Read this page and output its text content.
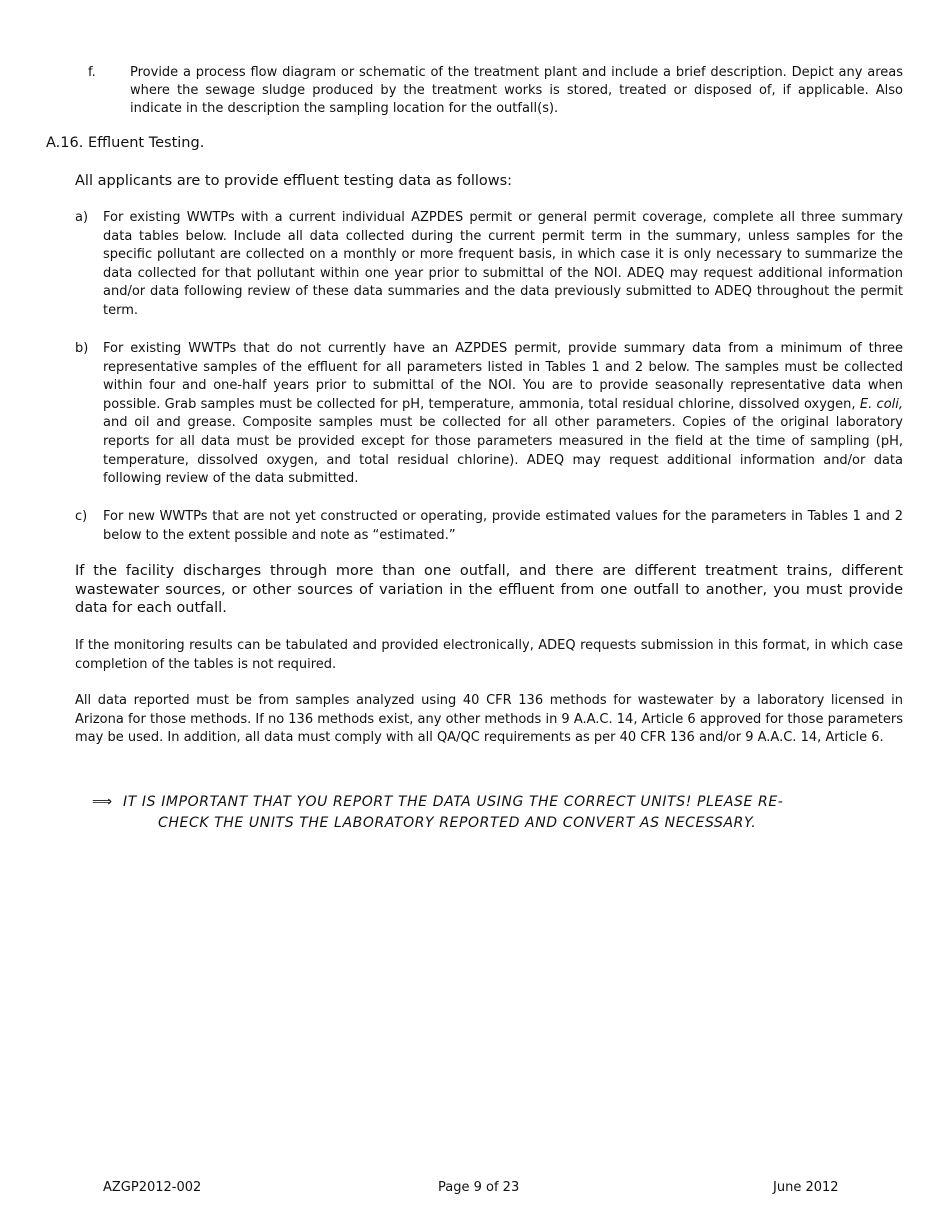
f.	Provide a process flow diagram or schematic of the treatment plant and include a brief description. Depict any areas where the sewage sludge produced by the treatment works is stored, treated or disposed of, if applicable. Also indicate in the description the sampling location for the outfall(s).
A.16. Effluent Testing.
All applicants are to provide effluent testing data as follows:
a) For existing WWTPs with a current individual AZPDES permit or general permit coverage, complete all three summary data tables below. Include all data collected during the current permit term in the summary, unless samples for the specific pollutant are collected on a monthly or more frequent basis, in which case it is only necessary to summarize the data collected for that pollutant within one year prior to submittal of the NOI. ADEQ may request additional information and/or data following review of these data summaries and the data previously submitted to ADEQ throughout the permit term.
b) For existing WWTPs that do not currently have an AZPDES permit, provide summary data from a minimum of three representative samples of the effluent for all parameters listed in Tables 1 and 2 below. The samples must be collected within four and one-half years prior to submittal of the NOI. You are to provide seasonally representative data when possible. Grab samples must be collected for pH, temperature, ammonia, total residual chlorine, dissolved oxygen, E. coli, and oil and grease. Composite samples must be collected for all other parameters. Copies of the original laboratory reports for all data must be provided except for those parameters measured in the field at the time of sampling (pH, temperature, dissolved oxygen, and total residual chlorine). ADEQ may request additional information and/or data following review of the data submitted.
c) For new WWTPs that are not yet constructed or operating, provide estimated values for the parameters in Tables 1 and 2 below to the extent possible and note as “estimated.”
If the facility discharges through more than one outfall, and there are different treatment trains, different wastewater sources, or other sources of variation in the effluent from one outfall to another, you must provide data for each outfall.
If the monitoring results can be tabulated and provided electronically, ADEQ requests submission in this format, in which case completion of the tables is not required.
All data reported must be from samples analyzed using 40 CFR 136 methods for wastewater by a laboratory licensed in Arizona for those methods. If no 136 methods exist, any other methods in 9 A.A.C. 14, Article 6 approved for those parameters may be used. In addition, all data must comply with all QA/QC requirements as per 40 CFR 136 and/or 9 A.A.C. 14, Article 6.
⟹ IT IS IMPORTANT THAT YOU REPORT THE DATA USING THE CORRECT UNITS! PLEASE RE-
CHECK THE UNITS THE LABORATORY REPORTED AND CONVERT AS NECESSARY.
AZGP2012-002	Page 9 of 23	June 2012
